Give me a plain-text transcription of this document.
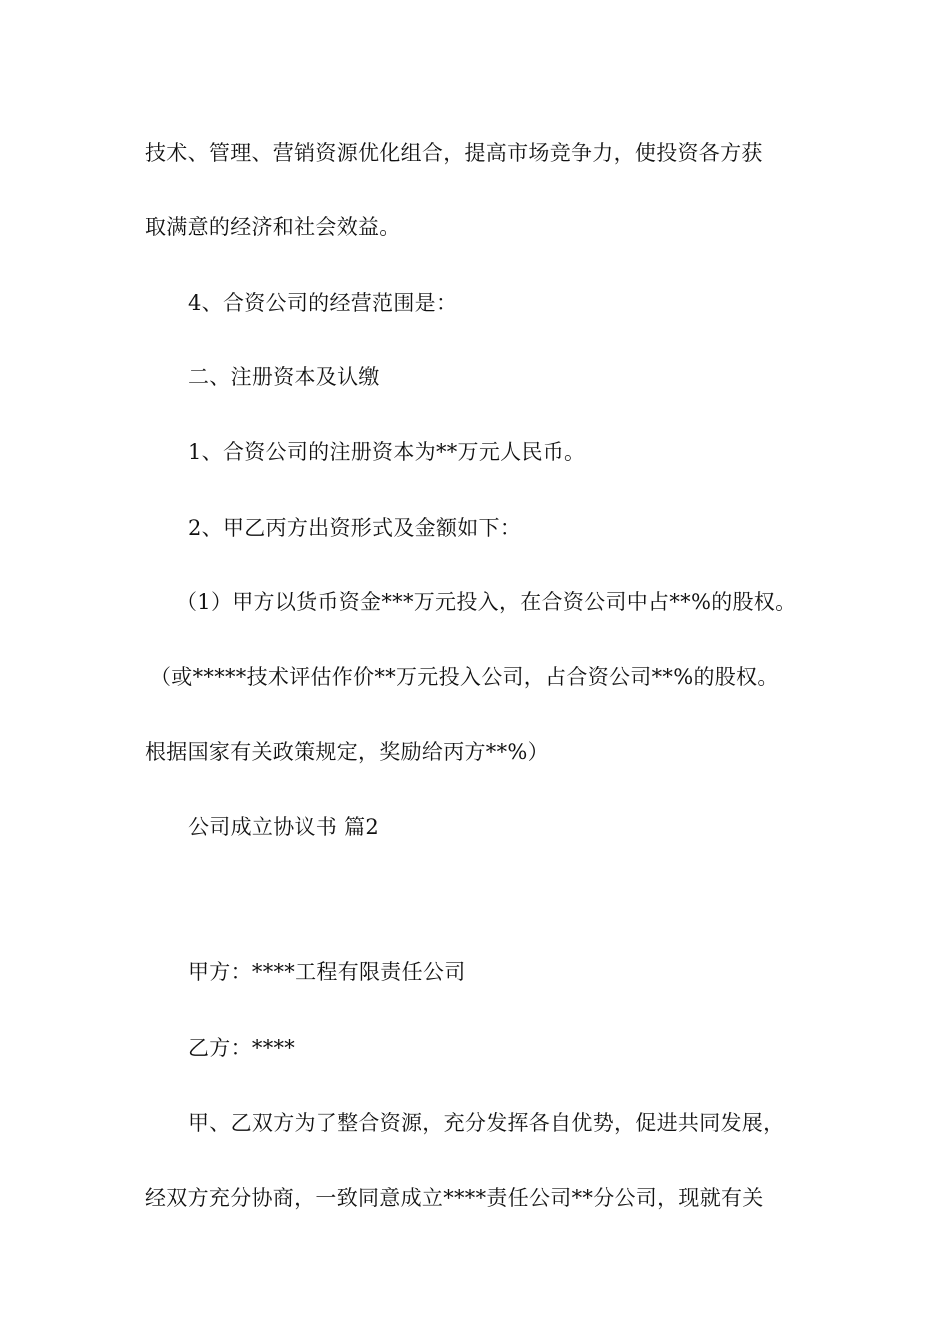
技术、管理、营销资源优化组合，提高市场竞争力，使投资各方获
取满意的经济和社会效益。
4、合资公司的经营范围是：
二、注册资本及认缴
1、合资公司的注册资本为**万元人民币。
2、甲乙丙方出资形式及金额如下：
（1）甲方以货币资金***万元投入，在合资公司中占**%的股权。
（或*****技术评估作价**万元投入公司，占合资公司**%的股权。
根据国家有关政策规定，奖励给丙方**%）
公司成立协议书 篇2
甲方：****工程有限责任公司
乙方：****
甲、乙双方为了整合资源，充分发挥各自优势，促进共同发展，
经双方充分协商，一致同意成立****责任公司**分公司，现就有关
